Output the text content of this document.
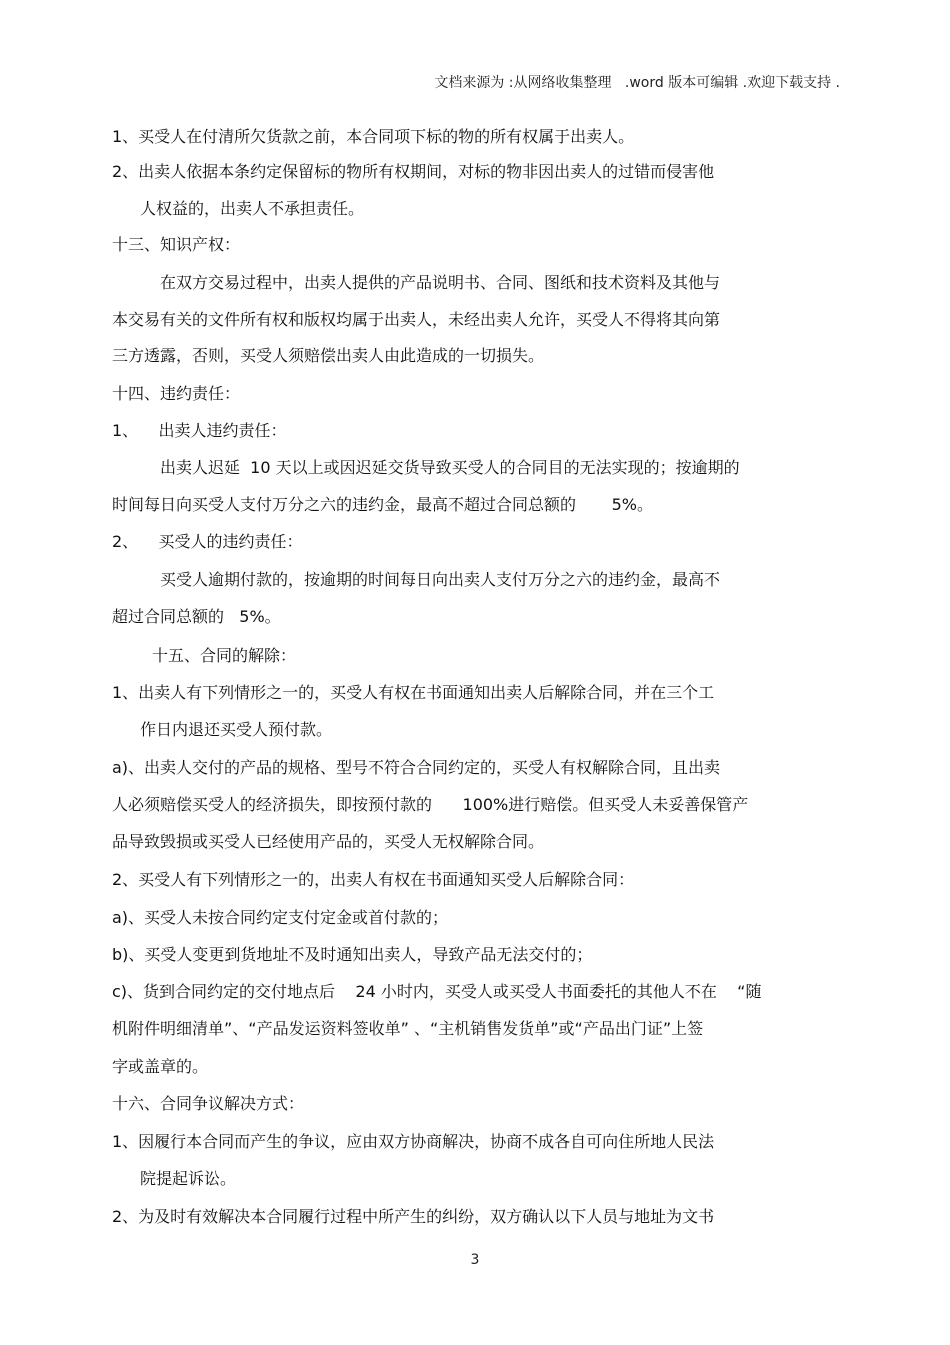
文档来源为 :从网络收集整理   .word 版本可编辑 .欢迎下载支持 .
1、买受人在付清所欠货款之前，本合同项下标的物的所有权属于出卖人。
2、出卖人依据本条约定保留标的物所有权期间，对标的物非因出卖人的过错而侵害他
人权益的，出卖人不承担责任。
十三、知识产权：
在双方交易过程中，出卖人提供的产品说明书、合同、图纸和技术资料及其他与
本交易有关的文件所有权和版权均属于出卖人，未经出卖人允许，买受人不得将其向第
三方透露，否则，买受人须赔偿出卖人由此造成的一切损失。
十四、违约责任：
1、    出卖人违约责任：
出卖人迟延  10 天以上或因迟延交货导致买受人的合同目的无法实现的；按逾期的
时间每日向买受人支付万分之六的违约金，最高不超过合同总额的       5%。
2、    买受人的违约责任：
买受人逾期付款的，按逾期的时间每日向出卖人支付万分之六的违约金，最高不
超过合同总额的   5%。
十五、合同的解除：
1、出卖人有下列情形之一的，买受人有权在书面通知出卖人后解除合同，并在三个工
作日内退还买受人预付款。
a)、出卖人交付的产品的规格、型号不符合合同约定的，买受人有权解除合同，且出卖
人必须赔偿买受人的经济损失，即按预付款的      100%进行赔偿。但买受人未妥善保管产
品导致毁损或买受人已经使用产品的，买受人无权解除合同。
2、买受人有下列情形之一的，出卖人有权在书面通知买受人后解除合同：
a)、买受人未按合同约定支付定金或首付款的；
b)、买受人变更到货地址不及时通知出卖人，导致产品无法交付的；
c)、货到合同约定的交付地点后    24 小时内，买受人或买受人书面委托的其他人不在    “随
机附件明细清单”、“产品发运资料签收单” 、“主机销售发货单”或“产品出门证”上签
字或盖章的。
十六、合同争议解决方式：
1、因履行本合同而产生的争议，应由双方协商解决，协商不成各自可向住所地人民法
院提起诉讼。
2、为及时有效解决本合同履行过程中所产生的纠纷，双方确认以下人员与地址为文书
3
